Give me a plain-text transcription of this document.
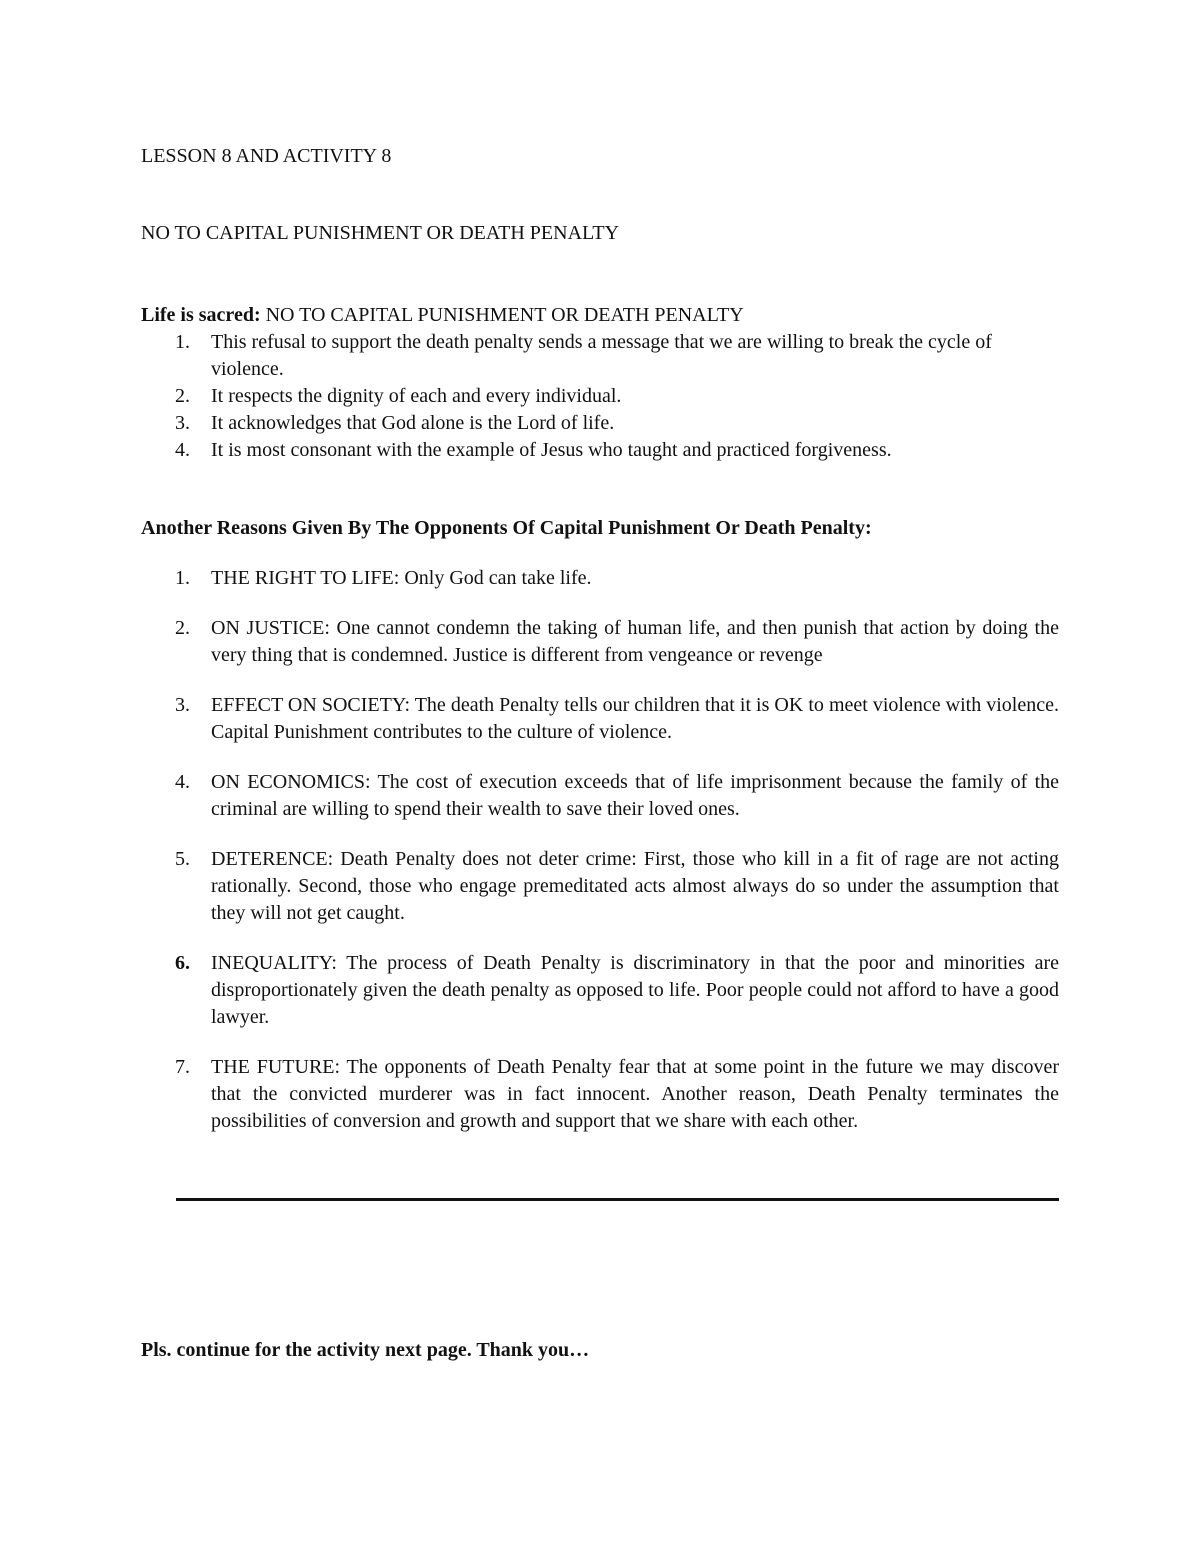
LESSON 8 AND ACTIVITY 8
NO TO CAPITAL PUNISHMENT OR DEATH PENALTY
Life is sacred: NO TO CAPITAL PUNISHMENT OR DEATH PENALTY
1. This refusal to support the death penalty sends a message that we are willing to break the cycle of violence.
2. It respects the dignity of each and every individual.
3. It acknowledges that God alone is the Lord of life.
4. It is most consonant with the example of Jesus who taught and practiced forgiveness.
Another Reasons Given By The Opponents Of Capital Punishment Or Death Penalty:
1. THE RIGHT TO LIFE: Only God can take life.
2. ON JUSTICE: One cannot condemn the taking of human life, and then punish that action by doing the very thing that is condemned. Justice is different from vengeance or revenge
3. EFFECT ON SOCIETY: The death Penalty tells our children that it is OK to meet violence with violence. Capital Punishment contributes to the culture of violence.
4. ON ECONOMICS: The cost of execution exceeds that of life imprisonment because the family of the criminal are willing to spend their wealth to save their loved ones.
5. DETERENCE: Death Penalty does not deter crime: First, those who kill in a fit of rage are not acting rationally. Second, those who engage premeditated acts almost always do so under the assumption that they will not get caught.
6. INEQUALITY: The process of Death Penalty is discriminatory in that the poor and minorities are disproportionately given the death penalty as opposed to life. Poor people could not afford to have a good lawyer.
7. THE FUTURE: The opponents of Death Penalty fear that at some point in the future we may discover that the convicted murderer was in fact innocent. Another reason, Death Penalty terminates the possibilities of conversion and growth and support that we share with each other.

Pls. continue for the activity next page. Thank you…
